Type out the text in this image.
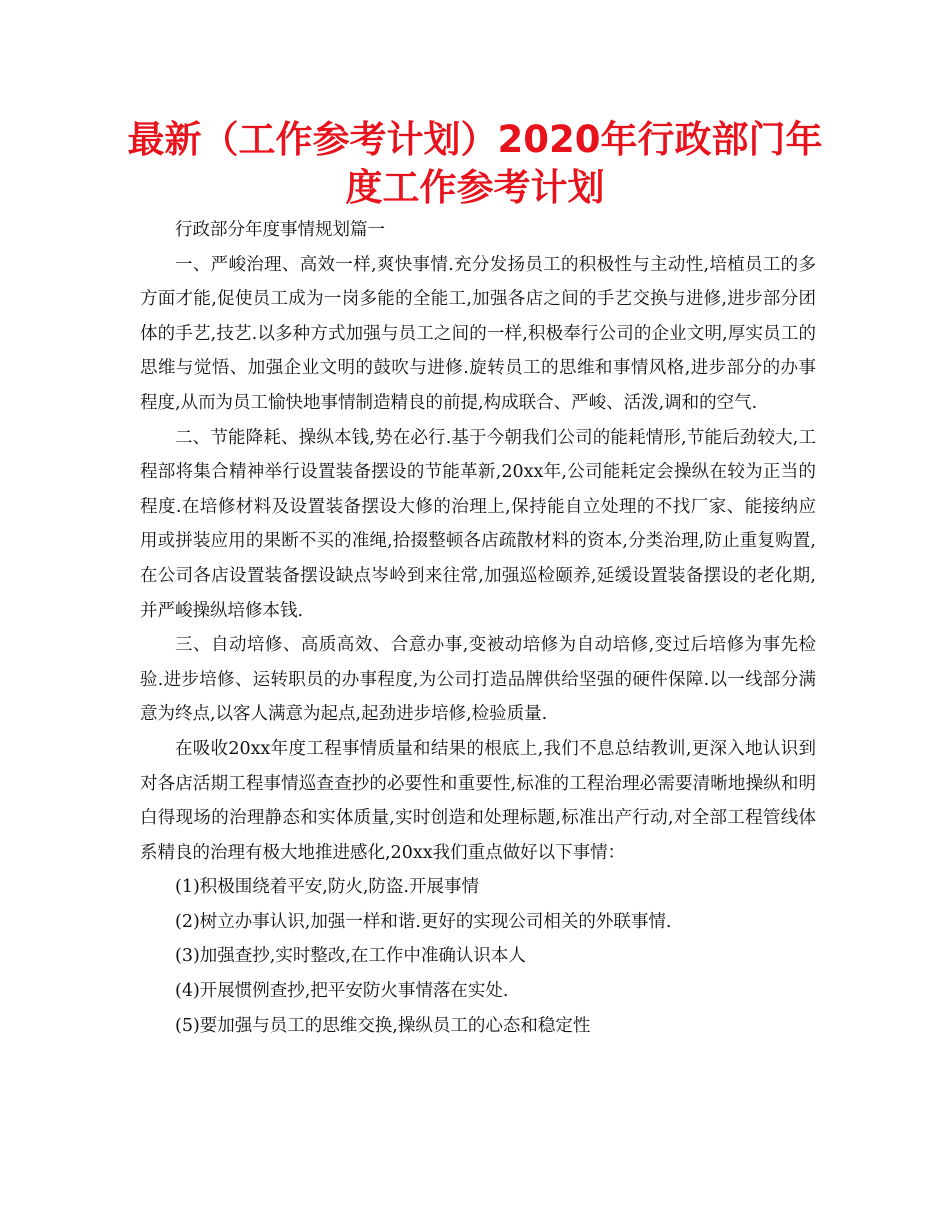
最新（工作参考计划）2020年行政部门年度工作参考计划

行政部分年度事情规划篇一

一、严峻治理、高效一样,爽快事情.充分发扬员工的积极性与主动性,培植员工的多方面才能,促使员工成为一岗多能的全能工,加强各店之间的手艺交换与进修,进步部分团体的手艺,技艺.以多种方式加强与员工之间的一样,积极奉行公司的企业文明,厚实员工的思维与觉悟、加强企业文明的鼓吹与进修.旋转员工的思维和事情风格,进步部分的办事程度,从而为员工愉快地事情制造精良的前提,构成联合、严峻、活泼,调和的空气.

二、节能降耗、操纵本钱,势在必行.基于今朝我们公司的能耗情形,节能后劲较大,工程部将集合精神举行设置装备摆设的节能革新,20xx年,公司能耗定会操纵在较为正当的程度.在培修材料及设置装备摆设大修的治理上,保持能自立处理的不找厂家、能接纳应用或拼装应用的果断不买的准绳,拾掇整顿各店疏散材料的资本,分类治理,防止重复购置,在公司各店设置装备摆设缺点岑岭到来往常,加强巡检颐养,延缓设置装备摆设的老化期,并严峻操纵培修本钱.

三、自动培修、高质高效、合意办事,变被动培修为自动培修,变过后培修为事先检验.进步培修、运转职员的办事程度,为公司打造品牌供给坚强的硬件保障.以一线部分满意为终点,以客人满意为起点,起劲进步培修,检验质量.

在吸收20xx年度工程事情质量和结果的根底上,我们不息总结教训,更深入地认识到对各店活期工程事情巡查查抄的必要性和重要性,标准的工程治理必需要清晰地操纵和明白得现场的治理静态和实体质量,实时创造和处理标题,标准出产行动,对全部工程管线体系精良的治理有极大地推进感化,20xx我们重点做好以下事情：

(1)积极围绕着平安,防火,防盗.开展事情

(2)树立办事认识,加强一样和谐.更好的实现公司相关的外联事情.

(3)加强查抄,实时整改,在工作中准确认识本人

(4)开展惯例查抄,把平安防火事情落在实处.

(5)要加强与员工的思维交换,操纵员工的心态和稳定性
